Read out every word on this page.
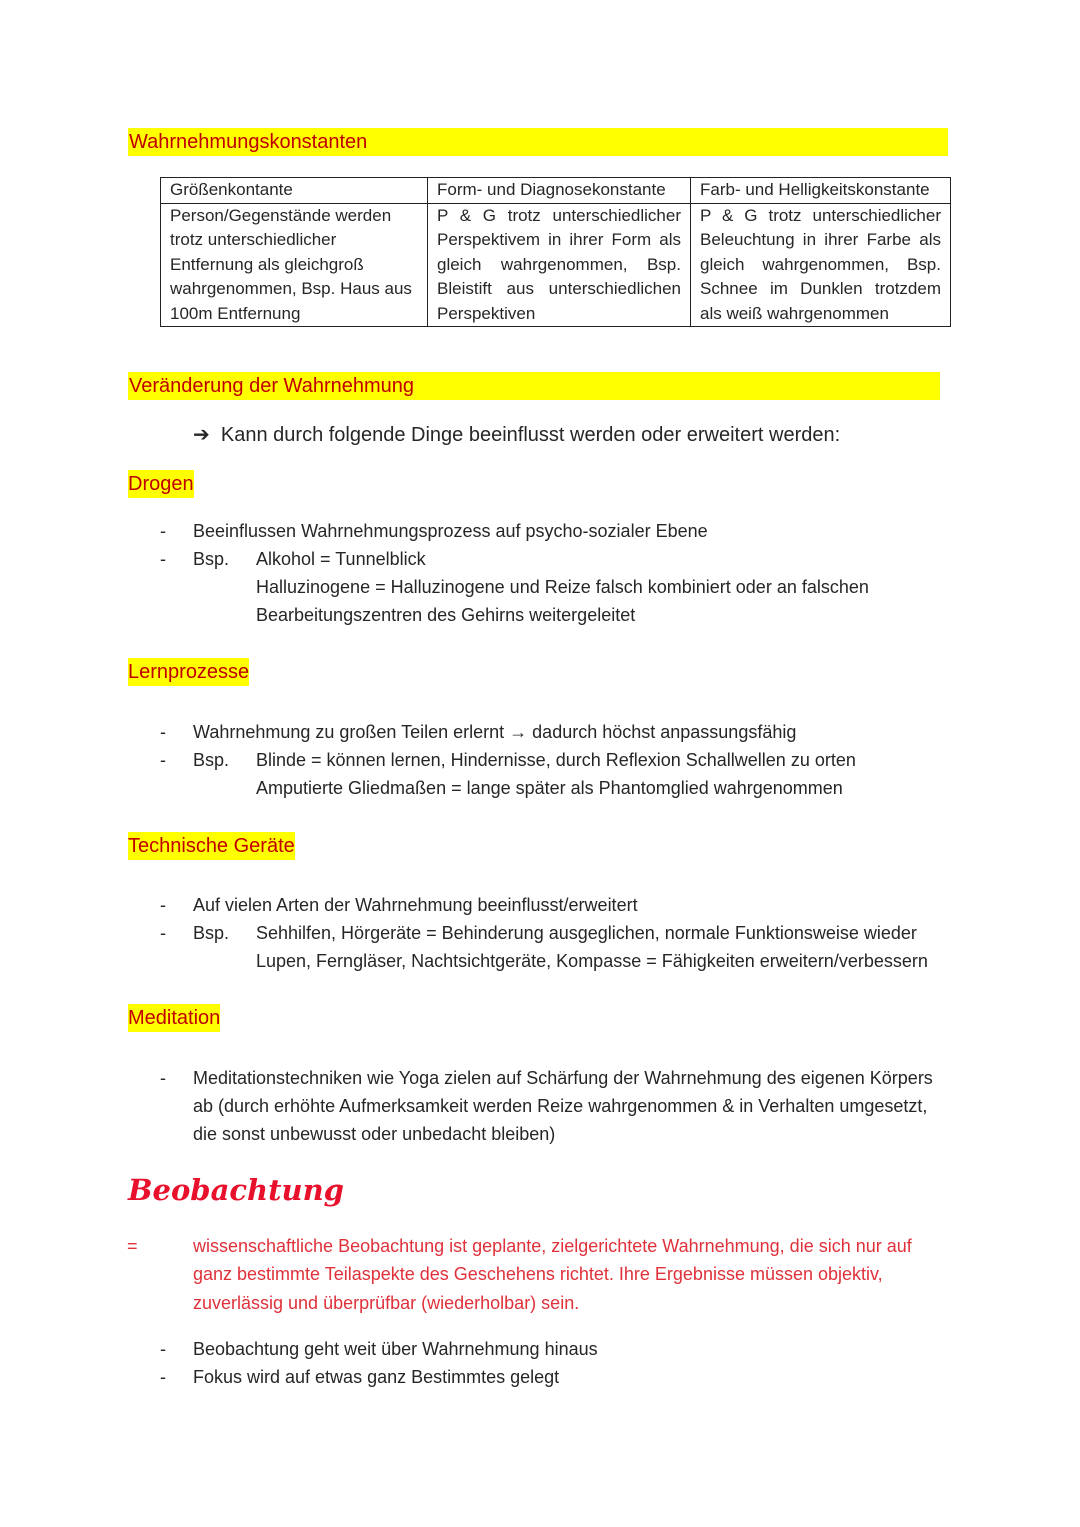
Wahrnehmungskonstanten
Größenkontante	Form- und Diagnosekonstante	Farb- und Helligkeitskonstante
Person/Gegenstände werden trotz unterschiedlicher Entfernung als gleichgroß wahrgenommen, Bsp. Haus aus 100m Entfernung	P & G trotz unterschiedlicher Perspektivem in ihrer Form als gleich wahrgenommen, Bsp. Bleistift aus unterschiedlichen Perspektiven	P & G trotz unterschiedlicher Beleuchtung in ihrer Farbe als gleich wahrgenommen, Bsp. Schnee im Dunklen trotzdem als weiß wahrgenommen
Veränderung der Wahrnehmung
➔ Kann durch folgende Dinge beeinflusst werden oder erweitert werden:
Drogen
-	Beeinflussen Wahrnehmungsprozess auf psycho-sozialer Ebene
-	Bsp. Alkohol = Tunnelblick
Halluzinogene = Halluzinogene und Reize falsch kombiniert oder an falschen
Bearbeitungszentren des Gehirns weitergeleitet
Lernprozesse
-	Wahrnehmung zu großen Teilen erlernt → dadurch höchst anpassungsfähig
-	Bsp. Blinde = können lernen, Hindernisse, durch Reflexion Schallwellen zu orten
Amputierte Gliedmaßen = lange später als Phantomglied wahrgenommen
Technische Geräte
-	Auf vielen Arten der Wahrnehmung beeinflusst/erweitert
-	Bsp. Sehhilfen, Hörgeräte = Behinderung ausgeglichen, normale Funktionsweise wieder
Lupen, Ferngläser, Nachtsichtgeräte, Kompasse = Fähigkeiten erweitern/verbessern
Meditation
-	Meditationstechniken wie Yoga zielen auf Schärfung der Wahrnehmung des eigenen Körpers
ab (durch erhöhte Aufmerksamkeit werden Reize wahrgenommen & in Verhalten umgesetzt,
die sonst unbewusst oder unbedacht bleiben)
Beobachtung
=	wissenschaftliche Beobachtung ist geplante, zielgerichtete Wahrnehmung, die sich nur auf
ganz bestimmte Teilaspekte des Geschehens richtet. Ihre Ergebnisse müssen objektiv,
zuverlässig und überprüfbar (wiederholbar) sein.
-	Beobachtung geht weit über Wahrnehmung hinaus
-	Fokus wird auf etwas ganz Bestimmtes gelegt
